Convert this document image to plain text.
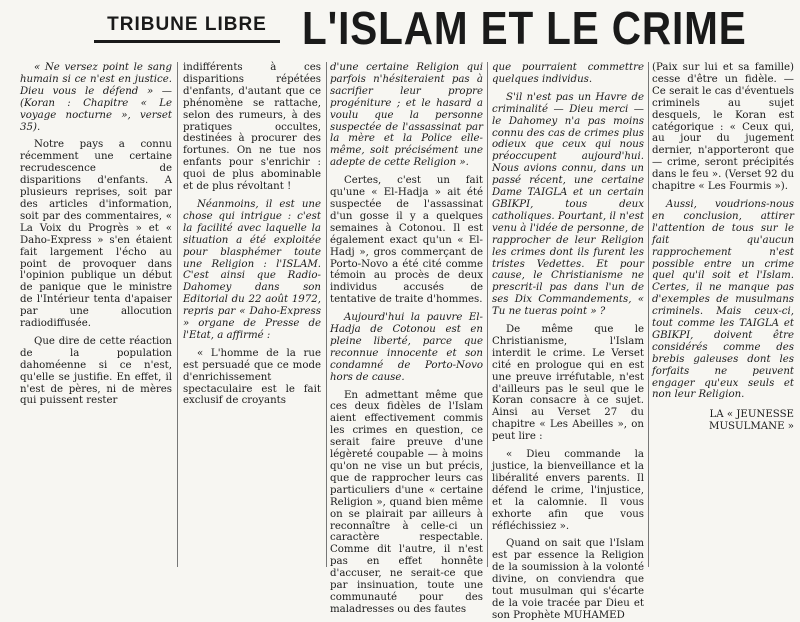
TRIBUNE LIBRE L'ISLAM ET LE CRIME

« Ne versez point le sang humain si ce n'est en justice. Dieu vous le défend » — (Koran : Chapitre « Le voyage nocturne », verset 35).

Notre pays a connu récemment une certaine recrudescence de disparitions d'enfants. A plusieurs reprises, soit par des articles d'information, soit par des commentaires, « La Voix du Progrès » et « Daho-Express » s'en étaient fait largement l'écho au point de provoquer dans l'opinion publique un début de panique que le ministre de l'Intérieur tenta d'apaiser par une allocution radiodiffusée.

Que dire de cette réaction de la population dahoméenne si ce n'est, qu'elle se justifie. En effet, il n'est de pères, ni de mères qui puissent rester

indifférents à ces disparitions répétées d'enfants, d'autant que ce phénomène se rattache, selon des rumeurs, à des pratiques occultes, destinées à procurer des fortunes. On ne tue nos enfants pour s'enrichir : quoi de plus abominable et de plus révoltant !

Néanmoins, il est une chose qui intrigue : c'est la facilité avec laquelle la situation a été exploitée pour blasphémer toute une Religion : l'ISLAM. C'est ainsi que Radio-Dahomey dans son Editorial du 22 août 1972, repris par « Daho-Express » organe de Presse de l'Etat, a affirmé :

« L'homme de la rue est persuadé que ce mode d'enrichissement spectaculaire est le fait exclusif de croyants

d'une certaine Religion qui parfois n'hésiteraient pas à sacrifier leur propre progéniture ; et le hasard a voulu que la personne suspectée de l'assassinat par la mère et la Police elle-même, soit précisément une adepte de cette Religion ».

Certes, c'est un fait qu'une « El-Hadja » ait été suspectée de l'assassinat d'un gosse il y a quelques semaines à Cotonou. Il est également exact qu'un « El-Hadj », gros commerçant de Porto-Novo a été cité comme témoin au procès de deux individus accusés de tentative de traite d'hommes.

Aujourd'hui la pauvre El-Hadja de Cotonou est en pleine liberté, parce que reconnue innocente et son condamné de Porto-Novo hors de cause.

En admettant même que ces deux fidèles de l'Islam aient effectivement commis les crimes en question, ce serait faire preuve d'une légèreté coupable — à moins qu'on ne vise un but précis, que de rapprocher leurs cas particuliers d'une « certaine Religion », quand bien même on se plairait par ailleurs à reconnaître à celle-ci un caractère respectable. Comme dit l'autre, il n'est pas en effet honnête d'accuser, ne serait-ce que par insinuation, toute une communauté pour des maladresses ou des fautes

que pourraient commettre quelques individus.

S'il n'est pas un Havre de criminalité — Dieu merci — le Dahomey n'a pas moins connu des cas de crimes plus odieux que ceux qui nous préoccupent aujourd'hui. Nous avions connu, dans un passé récent, une certaine Dame TAIGLA et un certain GBIKPI, tous deux catholiques. Pourtant, il n'est venu à l'idée de personne, de rapprocher de leur Religion les crimes dont ils furent les tristes Vedettes. Et pour cause, le Christianisme ne prescrit-il pas dans l'un de ses Dix Commandements, « Tu ne tueras point » ?

De même que le Christianisme, l'Islam interdit le crime. Le Verset cité en prologue qui en est une preuve irréfutable, n'est d'ailleurs pas le seul que le Koran consacre à ce sujet. Ainsi au Verset 27 du chapitre « Les Abeilles », on peut lire :

« Dieu commande la justice, la bienveillance et la libéralité envers parents. Il défend le crime, l'injustice, et la calomnie. Il vous exhorte afin que vous réfléchissiez ».

Quand on sait que l'Islam est par essence la Religion de la soumission à la volonté divine, on conviendra que tout musulman qui s'écarte de la voie tracée par Dieu et son Prophète MUHAMED

(Paix sur lui et sa famille) cesse d'être un fidèle. — Ce serait le cas d'éventuels criminels au sujet desquels, le Koran est catégorique : « Ceux qui, au jour du jugement dernier, n'apporteront que — crime, seront précipités dans le feu ». (Verset 92 du chapitre « Les Fourmis »).

Aussi, voudrions-nous en conclusion, attirer l'attention de tous sur le fait qu'aucun rapprochement n'est possible entre un crime quel qu'il soit et l'Islam. Certes, il ne manque pas d'exemples de musulmans criminels. Mais ceux-ci, tout comme les TAIGLA et GBIKPI, doivent être considérés comme des brebis galeuses dont les forfaits ne peuvent engager qu'eux seuls et non leur Religion.

LA « JEUNESSE
MUSULMANE »
